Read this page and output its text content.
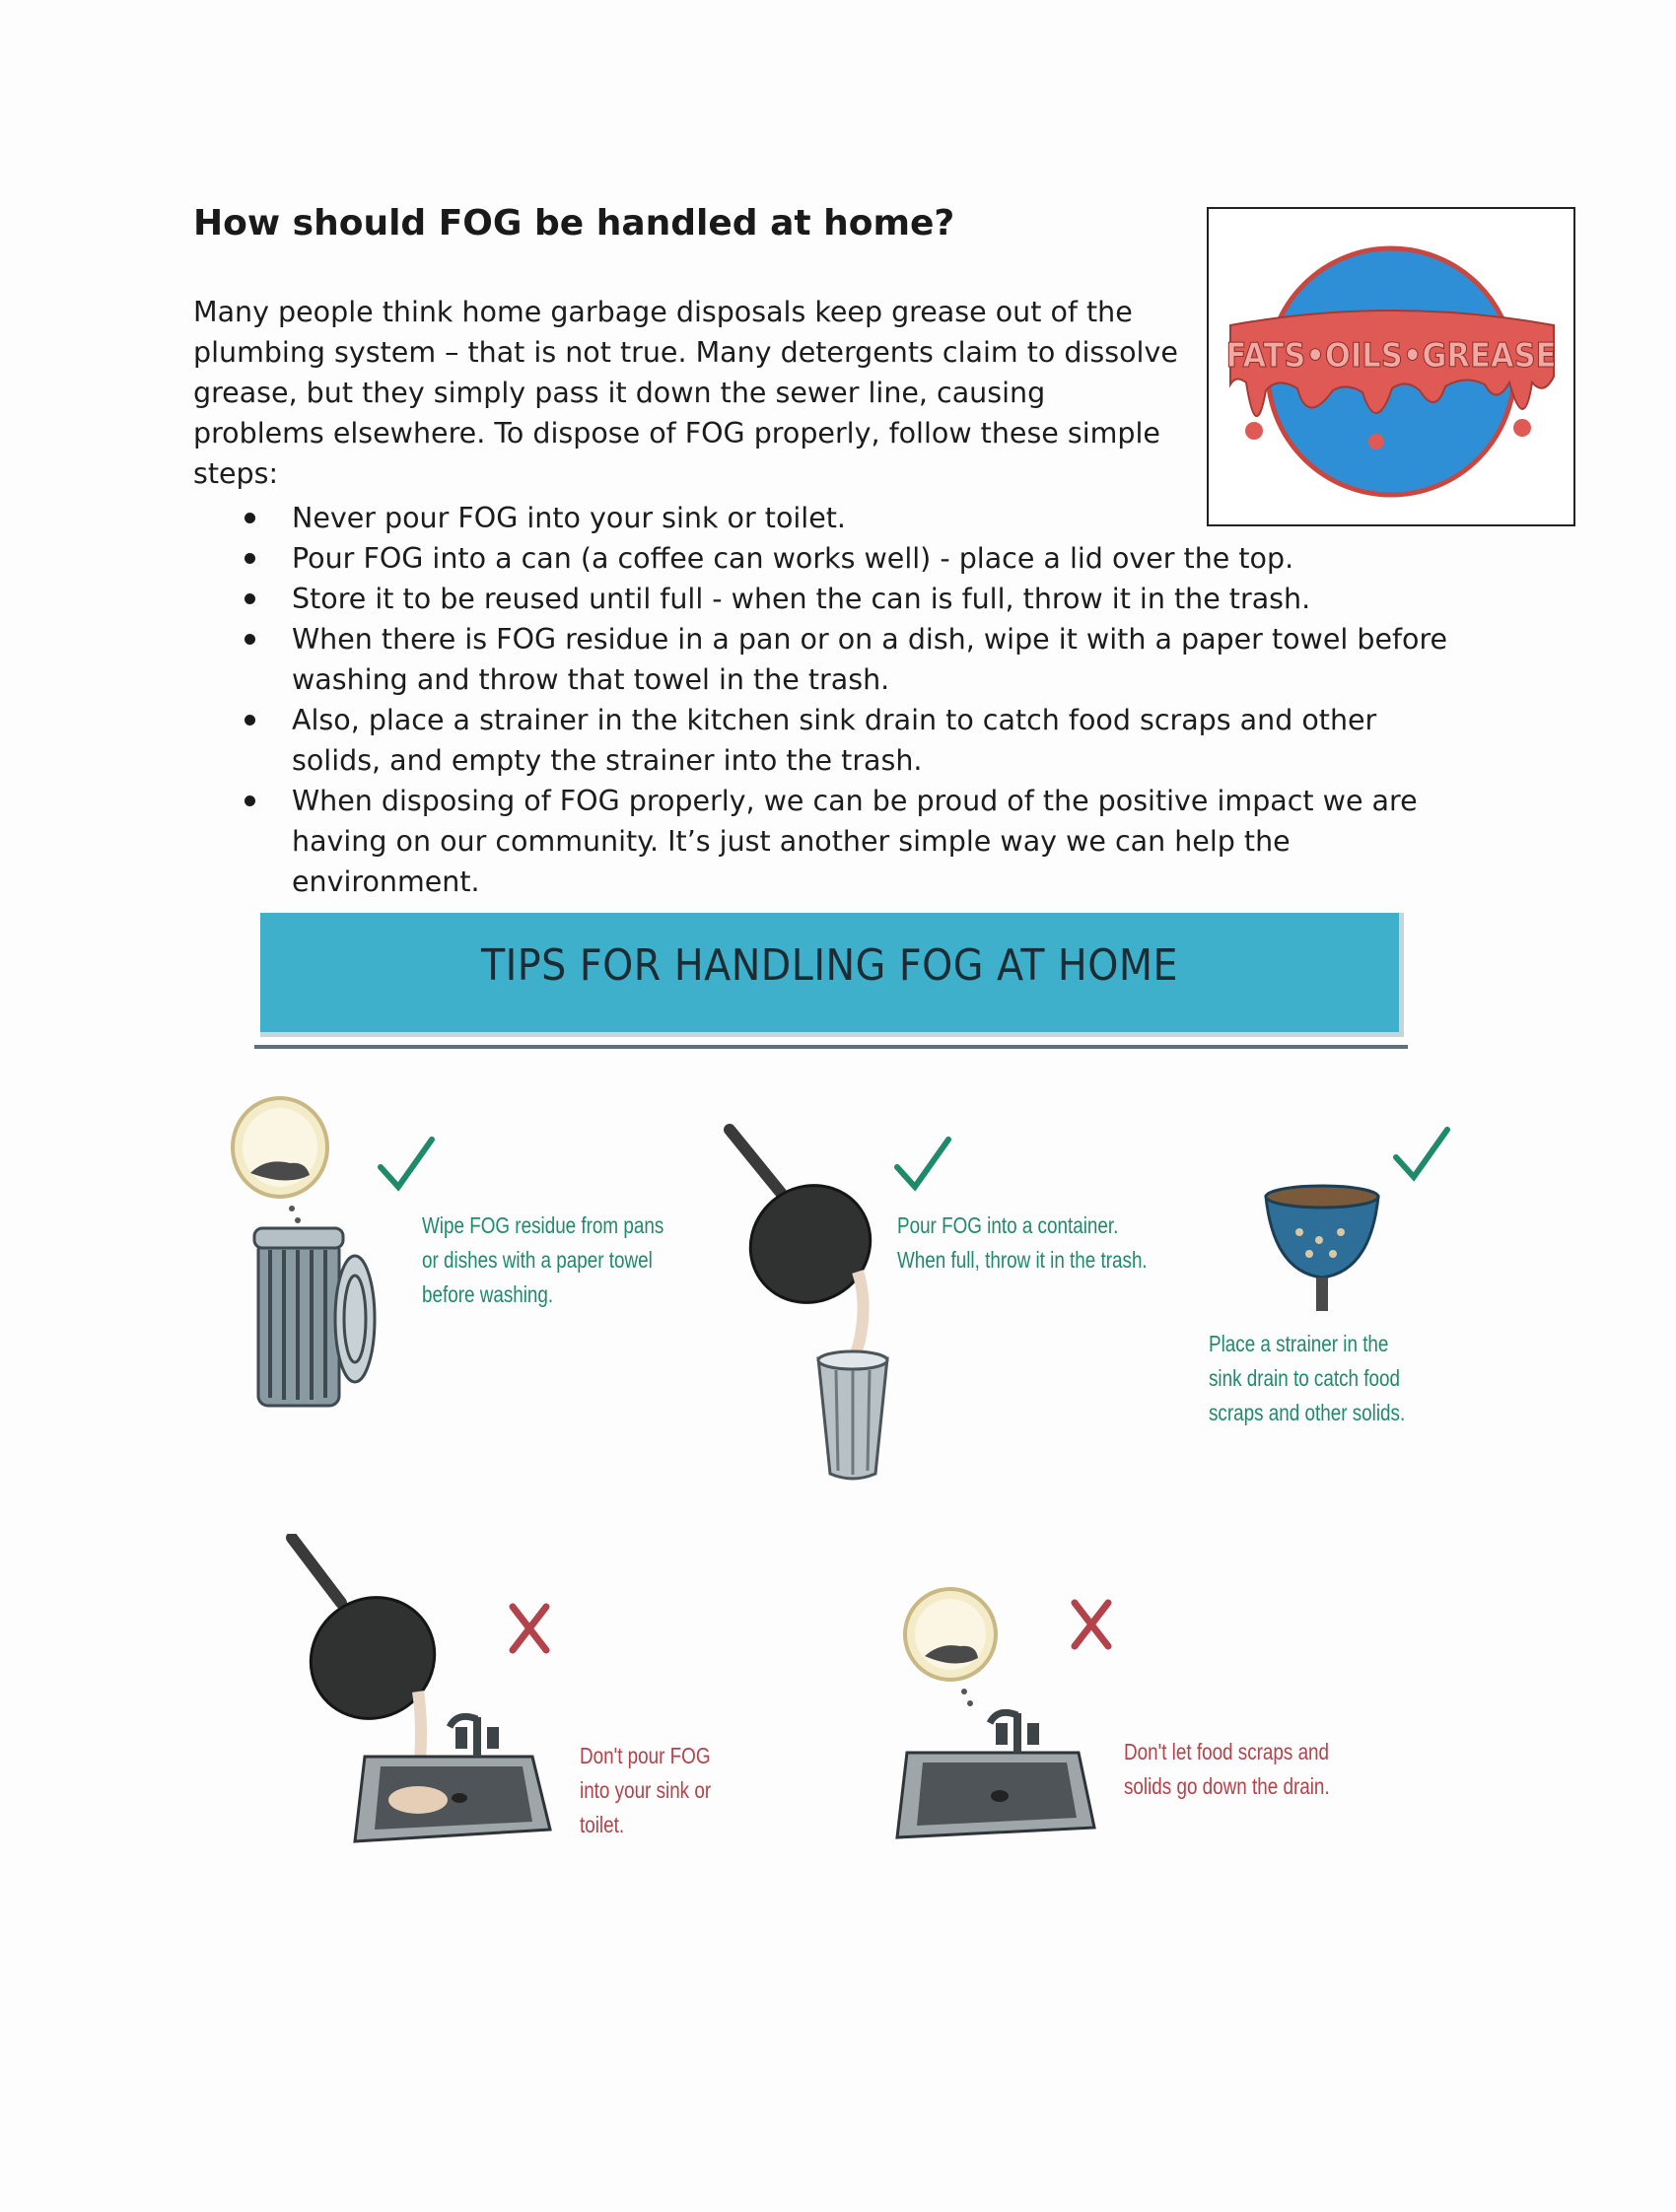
How should FOG be handled at home?

Many people think home garbage disposals keep grease out of the plumbing system – that is not true. Many detergents claim to dissolve grease, but they simply pass it down the sewer line, causing problems elsewhere. To dispose of FOG properly, follow these simple steps:

FATS•OILS•GREASE
Never pour FOG into your sink or toilet.
Pour FOG into a can (a coffee can works well) - place a lid over the top.
Store it to be reused until full - when the can is full, throw it in the trash.
When there is FOG residue in a pan or on a dish, wipe it with a paper towel before washing and throw that towel in the trash.
Also, place a strainer in the kitchen sink drain to catch food scraps and other solids, and empty the strainer into the trash.
When disposing of FOG properly, we can be proud of the positive impact we are having on our community. It’s just another simple way we can help the environment.
TIPS FOR HANDLING FOG AT HOME
Wipe FOG residue from pans
or dishes with a paper towel
before washing.
Pour FOG into a container.
When full, throw it in the trash.
Place a strainer in the
sink drain to catch food
scraps and other solids.
Don't pour FOG
into your sink or
toilet.
Don't let food scraps and
solids go down the drain.
